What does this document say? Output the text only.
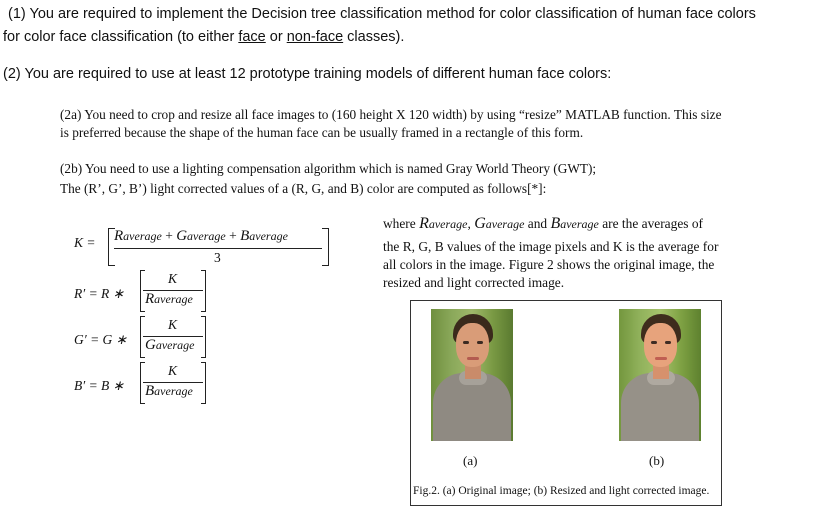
(1) You are required to implement the Decision tree classification method for color classification of human face colors
for color face classification (to either face or non-face classes).
(2) You are required to use at least 12 prototype training models of different human face colors:
(2a) You need to crop and resize all face images to (160 height X 120 width) by using “resize” MATLAB function. This size
is preferred because the shape of the human face can be usually framed in a rectangle of this form.
(2b) You need to use a lighting compensation algorithm which is named Gray World Theory (GWT);
The (R’, G’, B’) light corrected values of a (R, G, and B) color are computed as follows[*]:
K = Raverage + Gaverage + Baverage
3
R′ = R ∗
K
Raverage
G′ = G ∗
K
Gaverage
B′ = B ∗
K
Baverage
where Raverage, Gaverage and Baverage are the averages of
the R, G, B values of the image pixels and K is the average for
all colors in the image. Figure 2 shows the original image, the
resized and light corrected image.
(a)	(b)
Fig.2. (a) Original image; (b) Resized and light corrected image.
